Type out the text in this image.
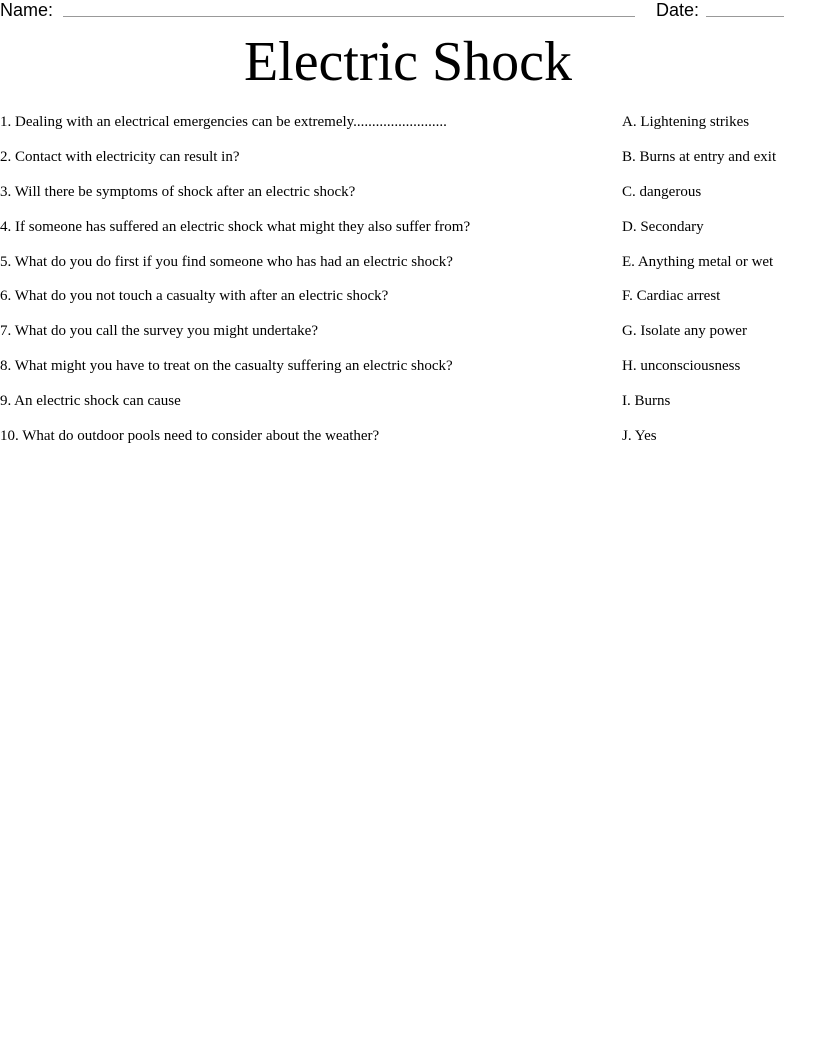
Name:	Date:
Electric Shock
1. Dealing with an electrical emergencies can be extremely.........................	A. Lightening strikes
2. Contact with electricity can result in?	B. Burns at entry and exit
3. Will there be symptoms of shock after an electric shock?	C. dangerous
4. If someone has suffered an electric shock what might they also suffer from?	D. Secondary
5. What do you do first if you find someone who has had an electric shock?	E. Anything metal or wet
6. What do you not touch a casualty with after an electric shock?	F. Cardiac arrest
7. What do you call the survey you might undertake?	G. Isolate any power
8. What might you have to treat on the casualty suffering an electric shock?	H. unconsciousness
9. An electric shock can cause	I. Burns
10. What do outdoor pools need to consider about the weather?	J. Yes
